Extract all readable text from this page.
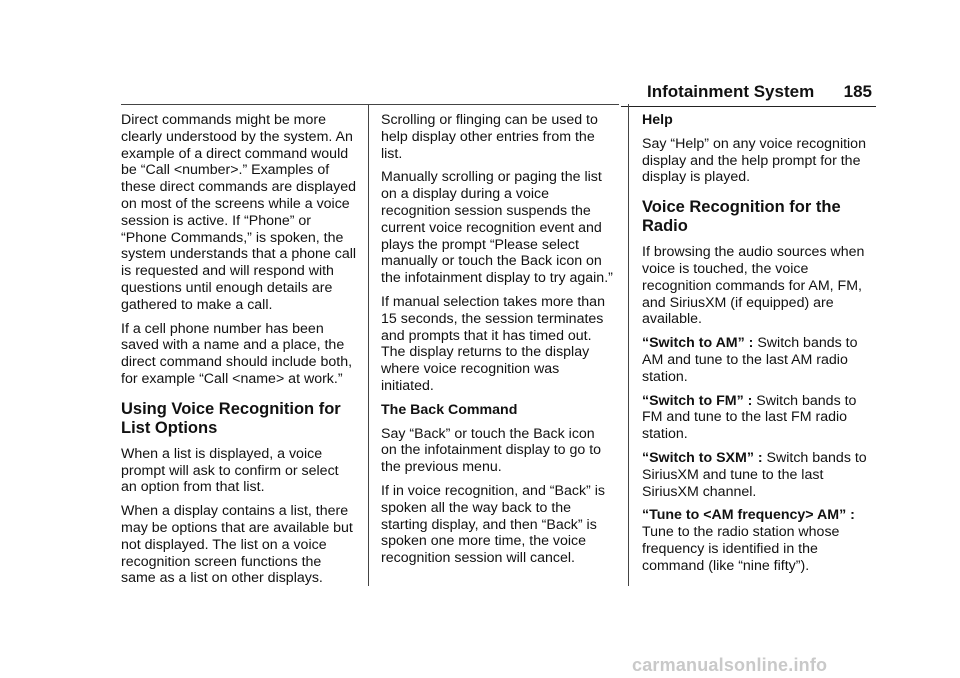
Infotainment System 185

Direct commands might be more clearly understood by the system. An example of a direct command would be “Call <number>.” Examples of these direct commands are displayed on most of the screens while a voice session is active. If “Phone” or “Phone Commands,” is spoken, the system understands that a phone call is requested and will respond with questions until enough details are gathered to make a call.

If a cell phone number has been saved with a name and a place, the direct command should include both, for example “Call <name> at work.”

Using Voice Recognition for List Options

When a list is displayed, a voice prompt will ask to confirm or select an option from that list.

When a display contains a list, there may be options that are available but not displayed. The list on a voice recognition screen functions the same as a list on other displays.

Scrolling or flinging can be used to help display other entries from the list.

Manually scrolling or paging the list on a display during a voice recognition session suspends the current voice recognition event and plays the prompt “Please select manually or touch the Back icon on the infotainment display to try again.”

If manual selection takes more than 15 seconds, the session terminates and prompts that it has timed out. The display returns to the display where voice recognition was initiated.

The Back Command

Say “Back” or touch the Back icon on the infotainment display to go to the previous menu.

If in voice recognition, and “Back” is spoken all the way back to the starting display, and then “Back” is spoken one more time, the voice recognition session will cancel.

Help

Say “Help” on any voice recognition display and the help prompt for the display is played.

Voice Recognition for the Radio

If browsing the audio sources when voice is touched, the voice recognition commands for AM, FM, and SiriusXM (if equipped) are available.

“Switch to AM” : Switch bands to AM and tune to the last AM radio station.

“Switch to FM” : Switch bands to FM and tune to the last FM radio station.

“Switch to SXM” : Switch bands to SiriusXM and tune to the last SiriusXM channel.

“Tune to <AM frequency> AM” : Tune to the radio station whose frequency is identified in the command (like “nine fifty”).

carmanualsonline.info
